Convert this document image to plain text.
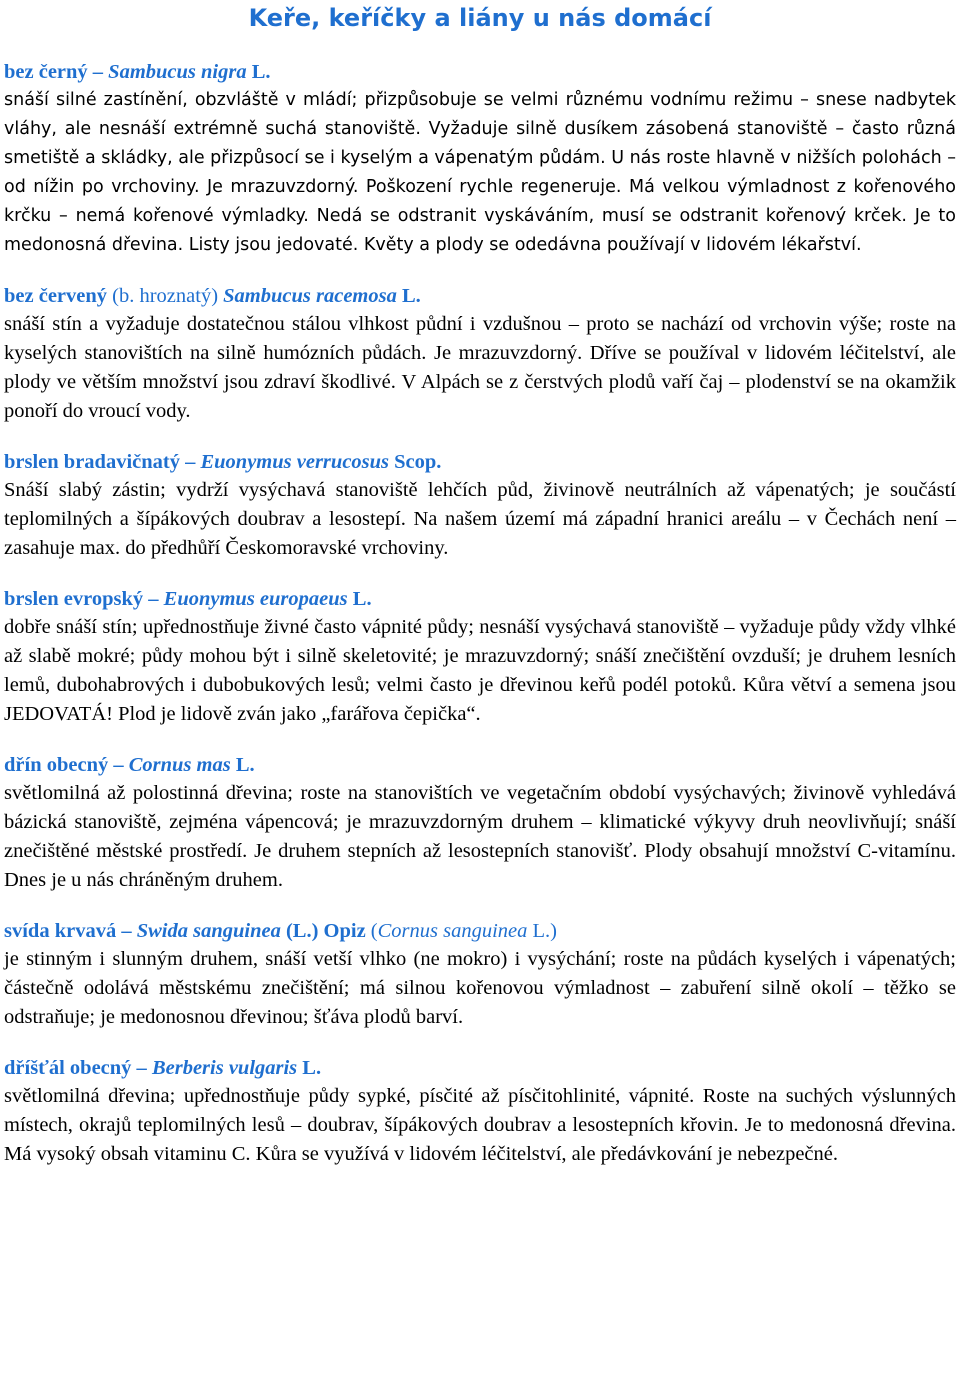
Keře, keříčky a liány u nás domácí
bez černý – Sambucus nigra L.
snáší silné zastínění, obzvláště v mládí; přizpůsobuje se velmi různému vodnímu režimu – snese nadbytek vláhy, ale nesnáší extrémně suchá stanoviště. Vyžaduje silně dusíkem zásobená stanoviště – často různá smetiště a skládky, ale přizpůsocí se i kyselým a vápenatým půdám. U nás roste hlavně v nižších polohách – od nížin po vrchoviny. Je mrazuvzdorný. Poškození rychle regeneruje. Má velkou výmladnost z kořenového krčku – nemá kořenové výmladky. Nedá se odstranit vyskáváním, musí se odstranit kořenový krček. Je to medonosná dřevina. Listy jsou jedovaté. Květy a plody se odedávna používají v lidovém lékařství.
bez červený (b. hroznatý) Sambucus racemosa L.
snáší stín a vyžaduje dostatečnou stálou vlhkost půdní i vzdušnou – proto se nachází od vrchovin výše; roste na kyselých stanovištích na silně humózních půdách. Je mrazuvzdorný. Dříve se používal v lidovém léčitelství, ale plody ve větším množství jsou zdraví škodlivé. V Alpách se z čerstvých plodů vaří čaj – plodenství se na okamžik ponoří do vroucí vody.
brslen bradavičnatý – Euonymus verrucosus Scop.
Snáší slabý zástin; vydrží vysýchavá stanoviště lehčích půd, živinově neutrálních až vápenatých; je součástí teplomilných a šípákových doubrav a lesostepí. Na našem území má západní hranici areálu – v Čechách není – zasahuje max. do předhůří Českomoravské vrchoviny.
brslen evropský – Euonymus europaeus L.
dobře snáší stín; upřednostňuje živné často vápnité půdy; nesnáší vysýchavá stanoviště – vyžaduje půdy vždy vlhké až slabě mokré; půdy mohou být i silně skeletovité; je mrazuvzdorný; snáší znečištění ovzduší; je druhem lesních lemů, dubohabrových i dubobukových lesů; velmi často je dřevinou keřů podél potoků. Kůra větví a semena jsou JEDOVATÁ! Plod je lidově zván jako „farářova čepička“.
dřín obecný – Cornus mas L.
světlomilná až polostinná dřevina; roste na stanovištích ve vegetačním období vysýchavých; živinově vyhledává bázická stanoviště, zejména vápencová; je mrazuvzdorným druhem – klimatické výkyvy druh neovlivňují; snáší znečištěné městské prostředí. Je druhem stepních až lesostepních stanovišť. Plody obsahují množství C-vitamínu. Dnes je u nás chráněným druhem.
svída krvavá – Swida sanguinea (L.) Opiz (Cornus sanguinea L.)
je stinným i slunným druhem, snáší vetší vlhko (ne mokro) i vysýchání; roste na půdách kyselých i vápenatých; částečně odolává městskému znečištění; má silnou kořenovou výmladnost – zabuření silně okolí – těžko se odstraňuje; je medonosnou dřevinou; šťáva plodů barví.
dříšťál obecný – Berberis vulgaris L.
světlomilná dřevina; upřednostňuje půdy sypké, písčité až písčitohlinité, vápnité. Roste na suchých výslunných místech, okrajů teplomilných lesů – doubrav, šípákových doubrav a lesostepních křovin. Je to medonosná dřevina. Má vysoký obsah vitaminu C. Kůra se využívá v lidovém léčitelství, ale předávkování je nebezpečné.
